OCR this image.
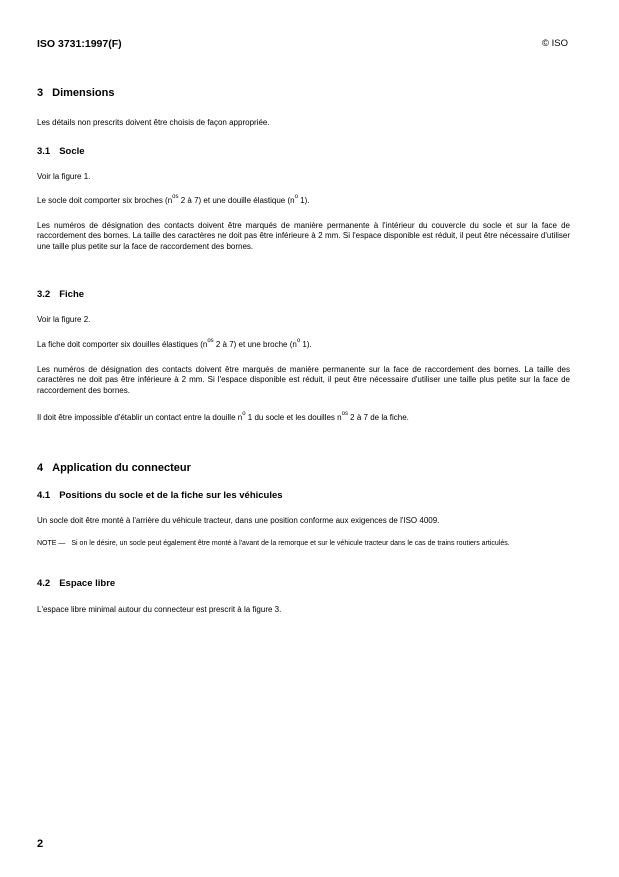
ISO 3731:1997(F)	© ISO
3 Dimensions

Les détails non prescrits doivent être choisis de façon appropriée.

3.1 Socle

Voir la figure 1.

Le socle doit comporter six broches ($n^{os}$ 2 à 7) et une douille élastique ($n^o$ 1).

Les numéros de désignation des contacts doivent être marqués de manière permanente à l'intérieur du couvercle du socle et sur la face de raccordement des bornes. La taille des caractères ne doit pas être inférieure à 2 mm. Si l'espace disponible est réduit, il peut être nécessaire d'utiliser une taille plus petite sur la face de raccordement des bornes.

3.2 Fiche

Voir la figure 2.

La fiche doit comporter six douilles élastiques ($n^{os}$ 2 à 7) et une broche ($n^o$ 1).

Les numéros de désignation des contacts doivent être marqués de manière permanente sur la face de raccordement des bornes. La taille des caractères ne doit pas être inférieure à 2 mm. Si l'espace disponible est réduit, il peut être nécessaire d'utiliser une taille plus petite sur la face de raccordement des bornes.

Il doit être impossible d'établir un contact entre la douille $n^o$ 1 du socle et les douilles $n^{os}$ 2 à 7 de la fiche.

4 Application du connecteur
4.1 Positions du socle et de la fiche sur les véhicules

Un socle doit être monté à l'arrière du véhicule tracteur, dans une position conforme aux exigences de l'ISO 4009.

NOTE — Si on le désire, un socle peut également être monté à l'avant de la remorque et sur le véhicule tracteur dans le cas de trains routiers articulés.

4.2 Espace libre

L'espace libre minimal autour du connecteur est prescrit à la figure 3.

2
